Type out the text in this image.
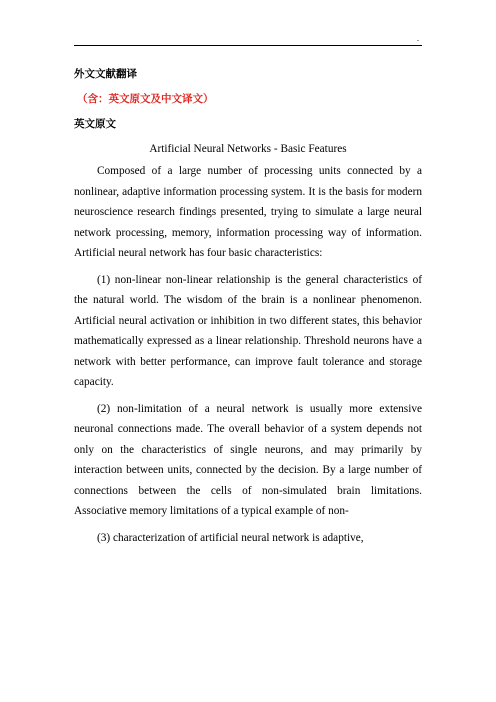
.
外文文献翻译
（含：英文原文及中文译文）
英文原文
Artificial Neural Networks - Basic Features

Composed of a large number of processing units connected by a nonlinear, adaptive information processing system. It is the basis for modern neuroscience research findings presented, trying to simulate a large neural network processing, memory, information processing way of information. Artificial neural network has four basic characteristics:

(1) non-linear non-linear relationship is the general characteristics of the natural world. The wisdom of the brain is a nonlinear phenomenon. Artificial neural activation or inhibition in two different states, this behavior mathematically expressed as a linear relationship. Threshold neurons have a network with better performance, can improve fault tolerance and storage capacity.

(2) non-limitation of a neural network is usually more extensive neuronal connections made. The overall behavior of a system depends not only on the characteristics of single neurons, and may primarily by interaction between units, connected by the decision. By a large number of connections between the cells of non-simulated brain limitations. Associative memory limitations of a typical example of non-

(3) characterization of artificial neural network is adaptive,
